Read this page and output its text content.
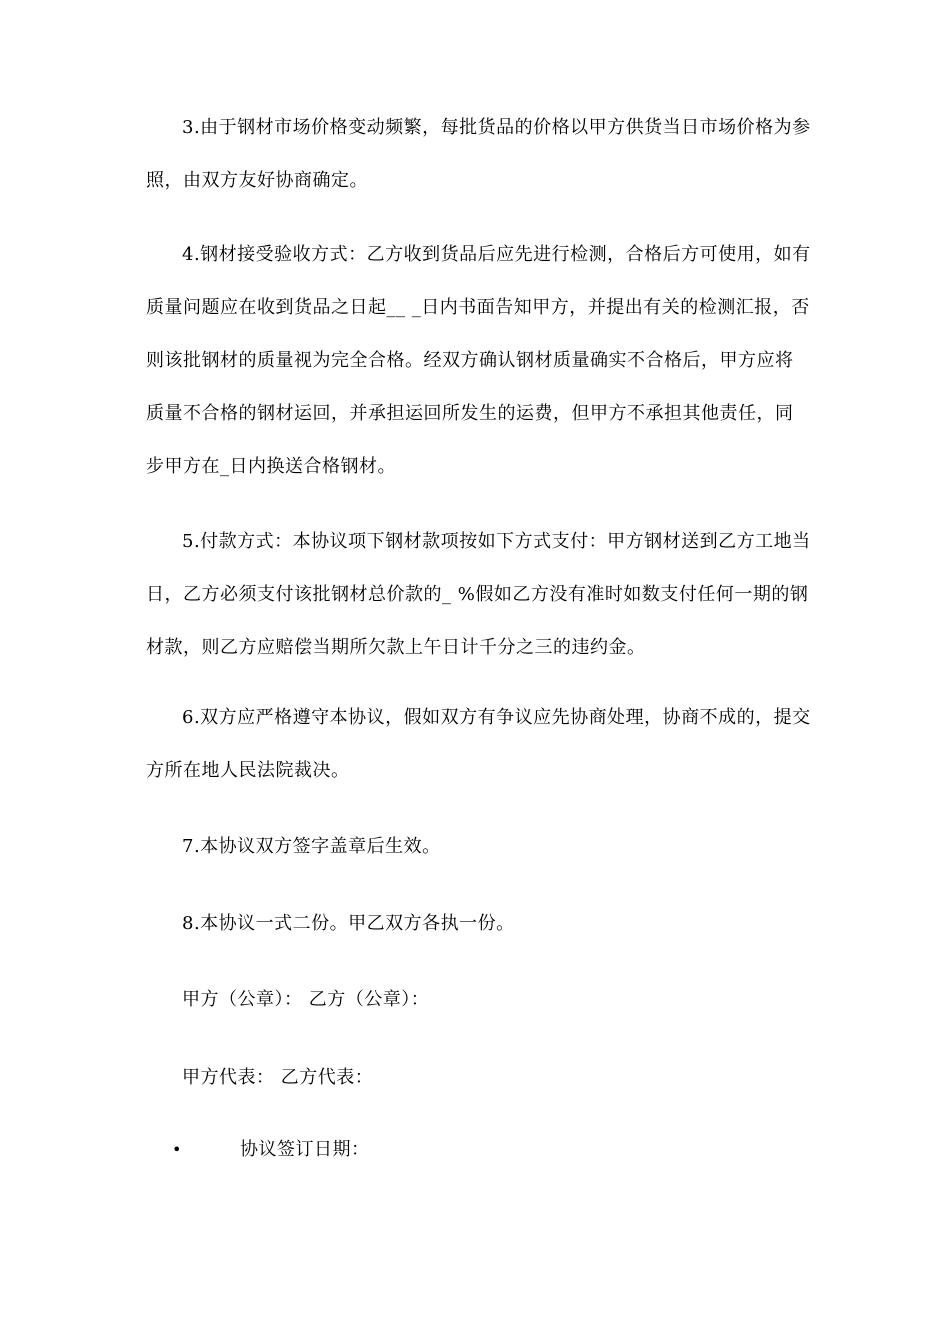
3.由于钢材市场价格变动频繁，每批货品的价格以甲方供货当日市场价格为参照，由双方友好协商确定。

4.钢材接受验收方式：乙方收到货品后应先进行检测，合格后方可使用，如有质量问题应在收到货品之日起__ _日内书面告知甲方，并提出有关的检测汇报，否则该批钢材的质量视为完全合格。经双方确认钢材质量确实不合格后，甲方应将质量不合格的钢材运回，并承担运回所发生的运费，但甲方不承担其他责任，同步甲方在_日内换送合格钢材。

5.付款方式：本协议项下钢材款项按如下方式支付：甲方钢材送到乙方工地当日，乙方必须支付该批钢材总价款的_ %假如乙方没有准时如数支付任何一期的钢材款，则乙方应赔偿当期所欠款上午日计千分之三的违约金。

6.双方应严格遵守本协议，假如双方有争议应先协商处理，协商不成的，提交方所在地人民法院裁决。

7.本协议双方签字盖章后生效。

8.本协议一式二份。甲乙双方各执一份。

甲方（公章）： 乙方（公章）：

甲方代表： 乙方代表：

•	协议签订日期：
